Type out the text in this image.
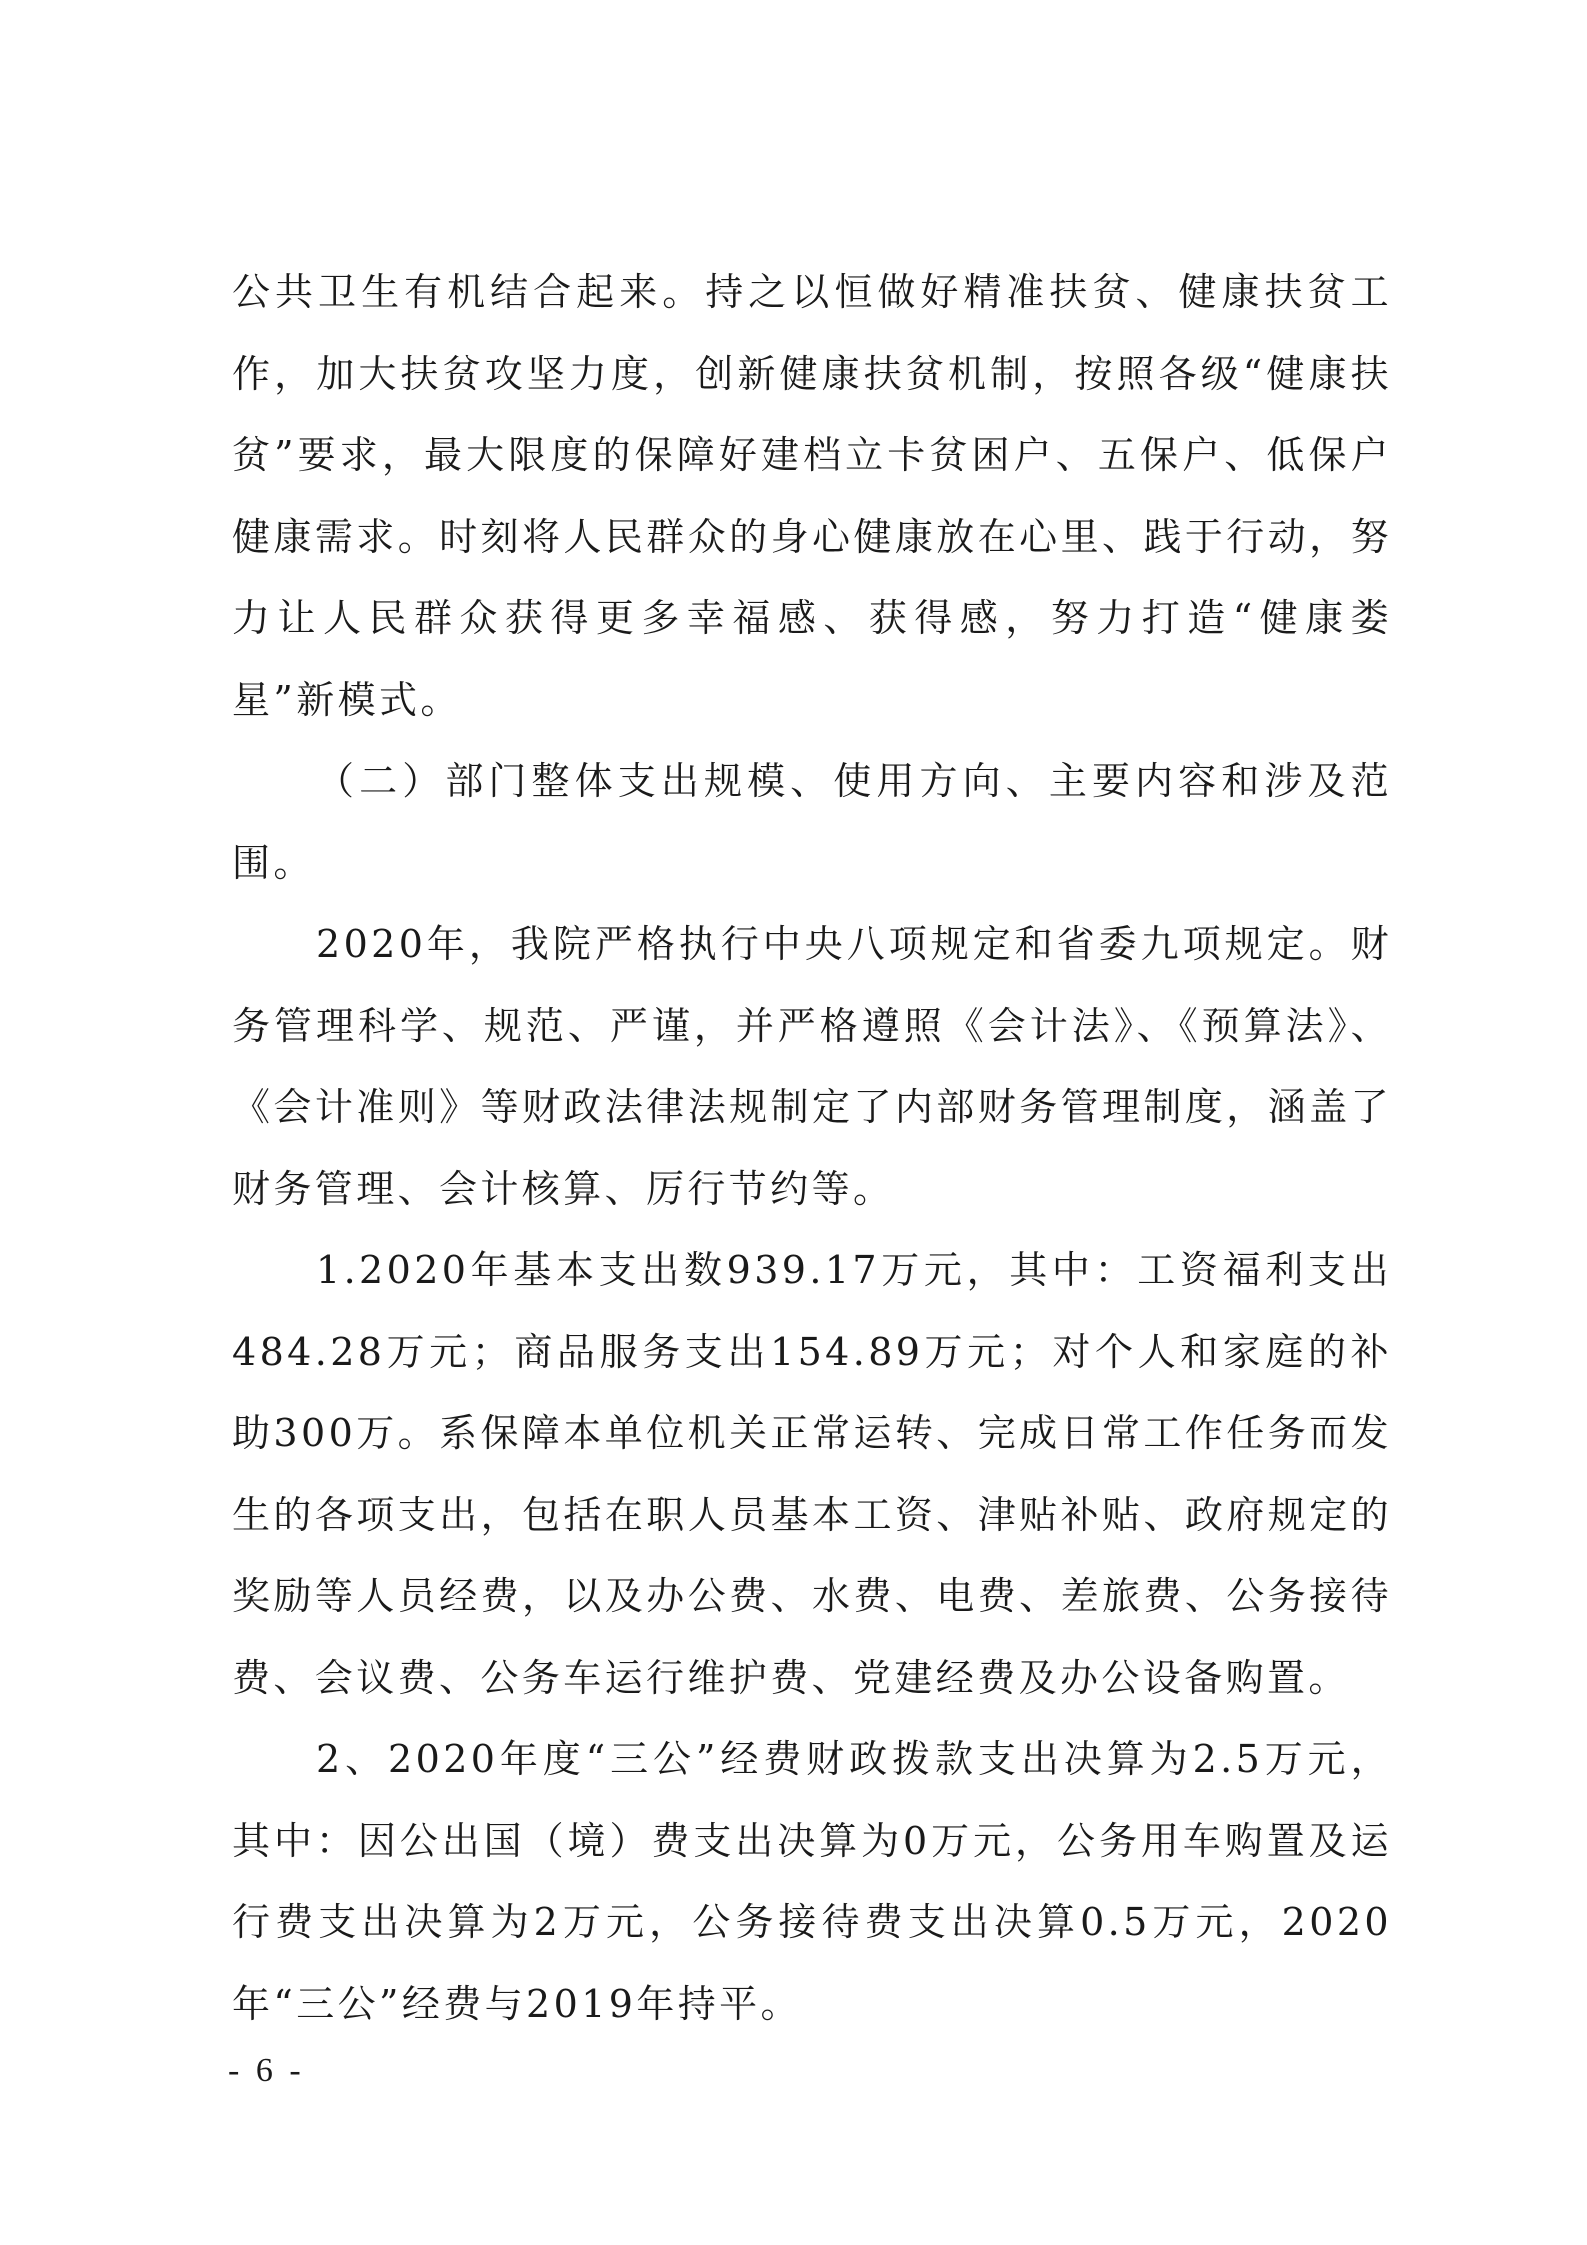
公共卫生有机结合起来。持之以恒做好精准扶贫、健康扶贫工作，加大扶贫攻坚力度，创新健康扶贫机制，按照各级“健康扶贫”要求，最大限度的保障好建档立卡贫困户、五保户、低保户健康需求。时刻将人民群众的身心健康放在心里、践于行动，努力让人民群众获得更多幸福感、获得感，努力打造“健康娄星”新模式。

（二）部门整体支出规模、使用方向、主要内容和涉及范围。

2020年，我院严格执行中央八项规定和省委九项规定。财务管理科学、规范、严谨，并严格遵照《会计法》、《预算法》、《会计准则》等财政法律法规制定了内部财务管理制度，涵盖了财务管理、会计核算、厉行节约等。

1.2020年基本支出数939.17万元，其中：工资福利支出484.28万元；商品服务支出154.89万元；对个人和家庭的补助300万。系保障本单位机关正常运转、完成日常工作任务而发生的各项支出，包括在职人员基本工资、津贴补贴、政府规定的奖励等人员经费，以及办公费、水费、电费、差旅费、公务接待费、会议费、公务车运行维护费、党建经费及办公设备购置。

2、2020年度“三公”经费财政拨款支出决算为2.5万元，其中：因公出国（境）费支出决算为0万元，公务用车购置及运行费支出决算为2万元，公务接待费支出决算0.5万元，2020年“三公”经费与2019年持平。

- 6 -
